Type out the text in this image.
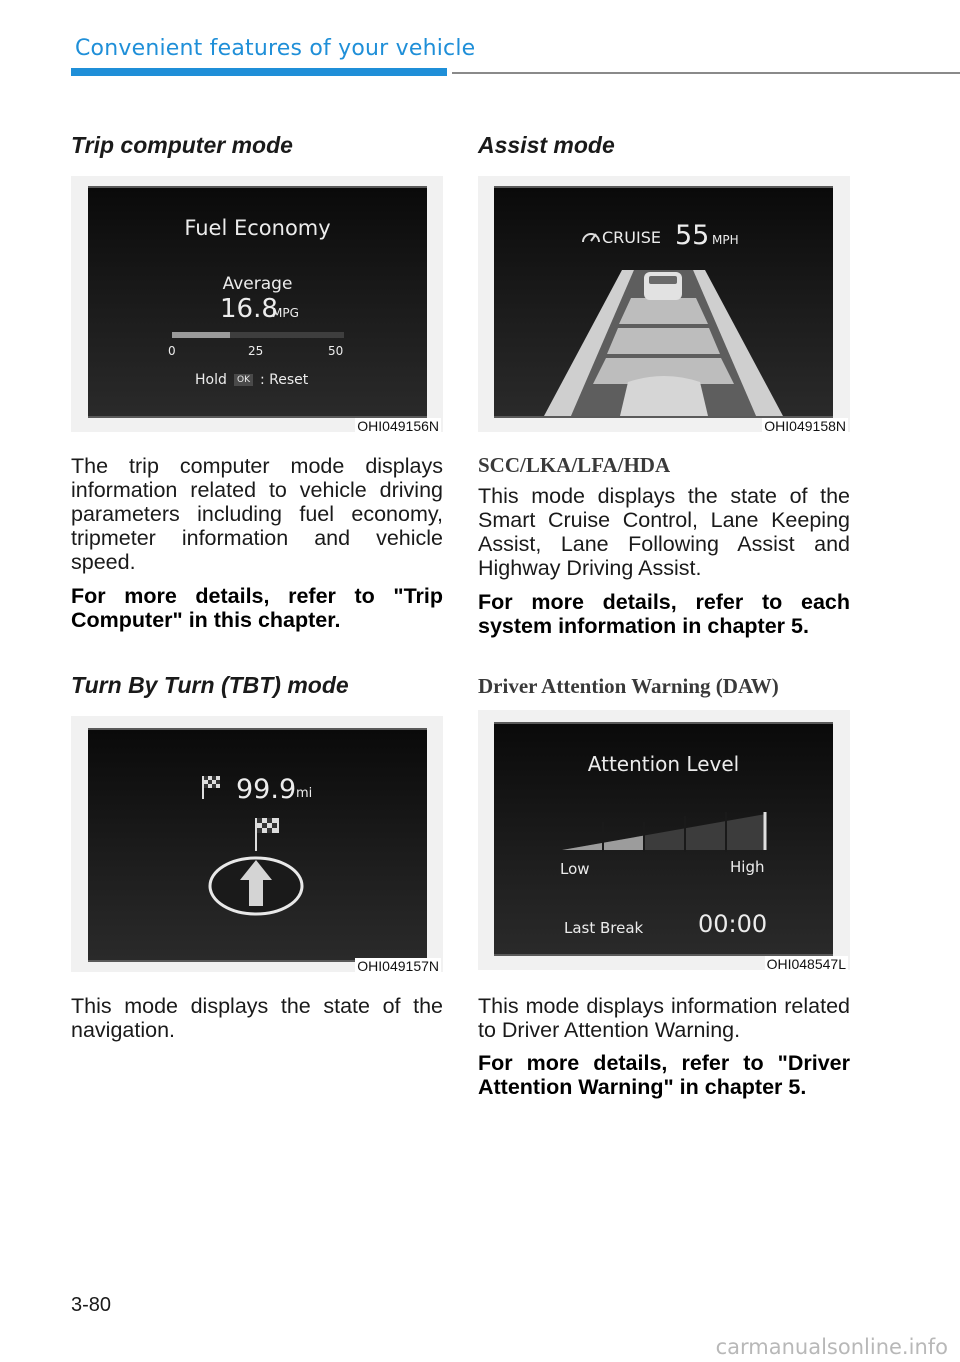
Convenient features of your vehicle
Trip computer mode
Fuel Economy
Average
16.8
MPG
0	25	50
Hold	OK : Reset
OHI049156N

The trip computer mode displays information related to vehicle driving parameters including fuel economy, tripmeter information and vehicle speed.

For more details, refer to "Trip Computer" in this chapter.

Turn By Turn (TBT) mode
99.9 mi
OHI049157N

This mode displays the state of the navigation.

Assist mode
CRUISE 55 MPH
OHI049158N
SCC/LKA/LFA/HDA

This mode displays the state of the Smart Cruise Control, Lane Keeping Assist, Lane Following Assist and Highway Driving Assist.

For more details, refer to each system information in chapter 5.

Driver Attention Warning (DAW)
Attention Level
Low	High
Last Break 00:00
OHI048547L

This mode displays information related to Driver Attention Warning.

For more details, refer to "Driver Attention Warning" in chapter 5.

3-80
carmanualsonline.info
